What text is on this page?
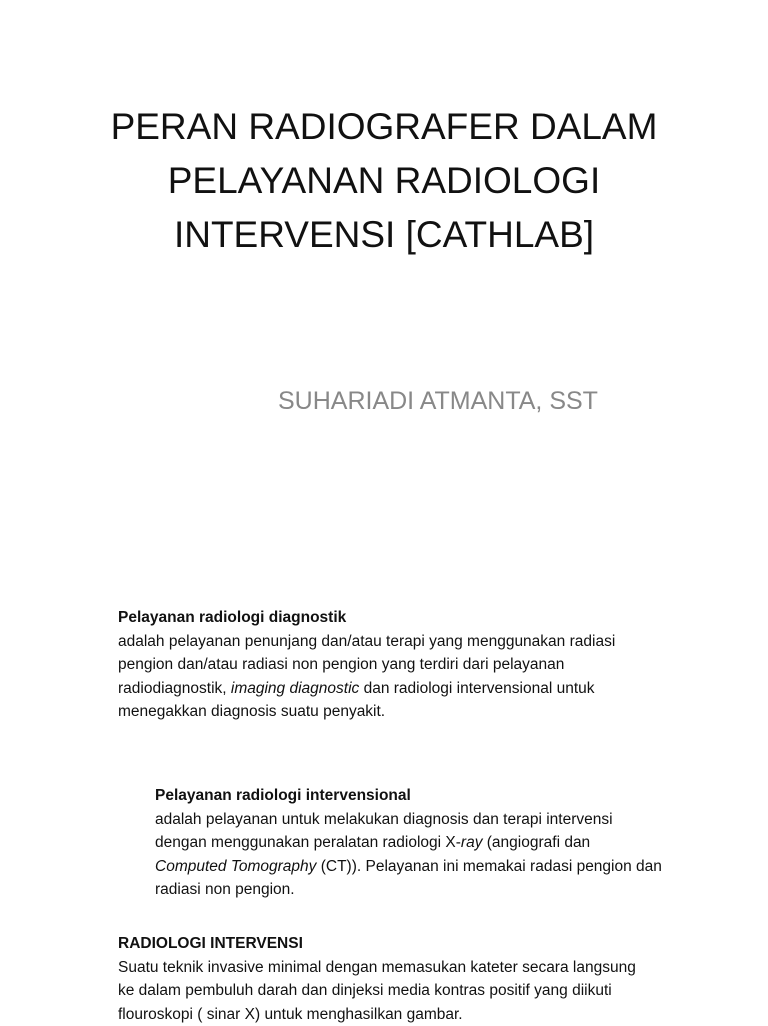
PERAN RADIOGRAFER DALAM
PELAYANAN RADIOLOGI
INTERVENSI [CATHLAB]

SUHARIADI ATMANTA, SST

Pelayanan radiologi diagnostik
adalah pelayanan penunjang dan/atau terapi yang menggunakan radiasi
pengion dan/atau radiasi non pengion yang terdiri dari pelayanan
radiodiagnostik, imaging diagnostic dan radiologi intervensional untuk
menegakkan diagnosis suatu penyakit.
Pelayanan radiologi intervensional
adalah pelayanan untuk melakukan diagnosis dan terapi intervensi
dengan menggunakan peralatan radiologi X-ray (angiografi dan
Computed Tomography (CT)). Pelayanan ini memakai radasi pengion dan
radiasi non pengion.
RADIOLOGI INTERVENSI
Suatu teknik invasive minimal dengan memasukan kateter secara langsung
ke dalam pembuluh darah dan dinjeksi media kontras positif yang diikuti
flouroskopi ( sinar X) untuk menghasilkan gambar.
